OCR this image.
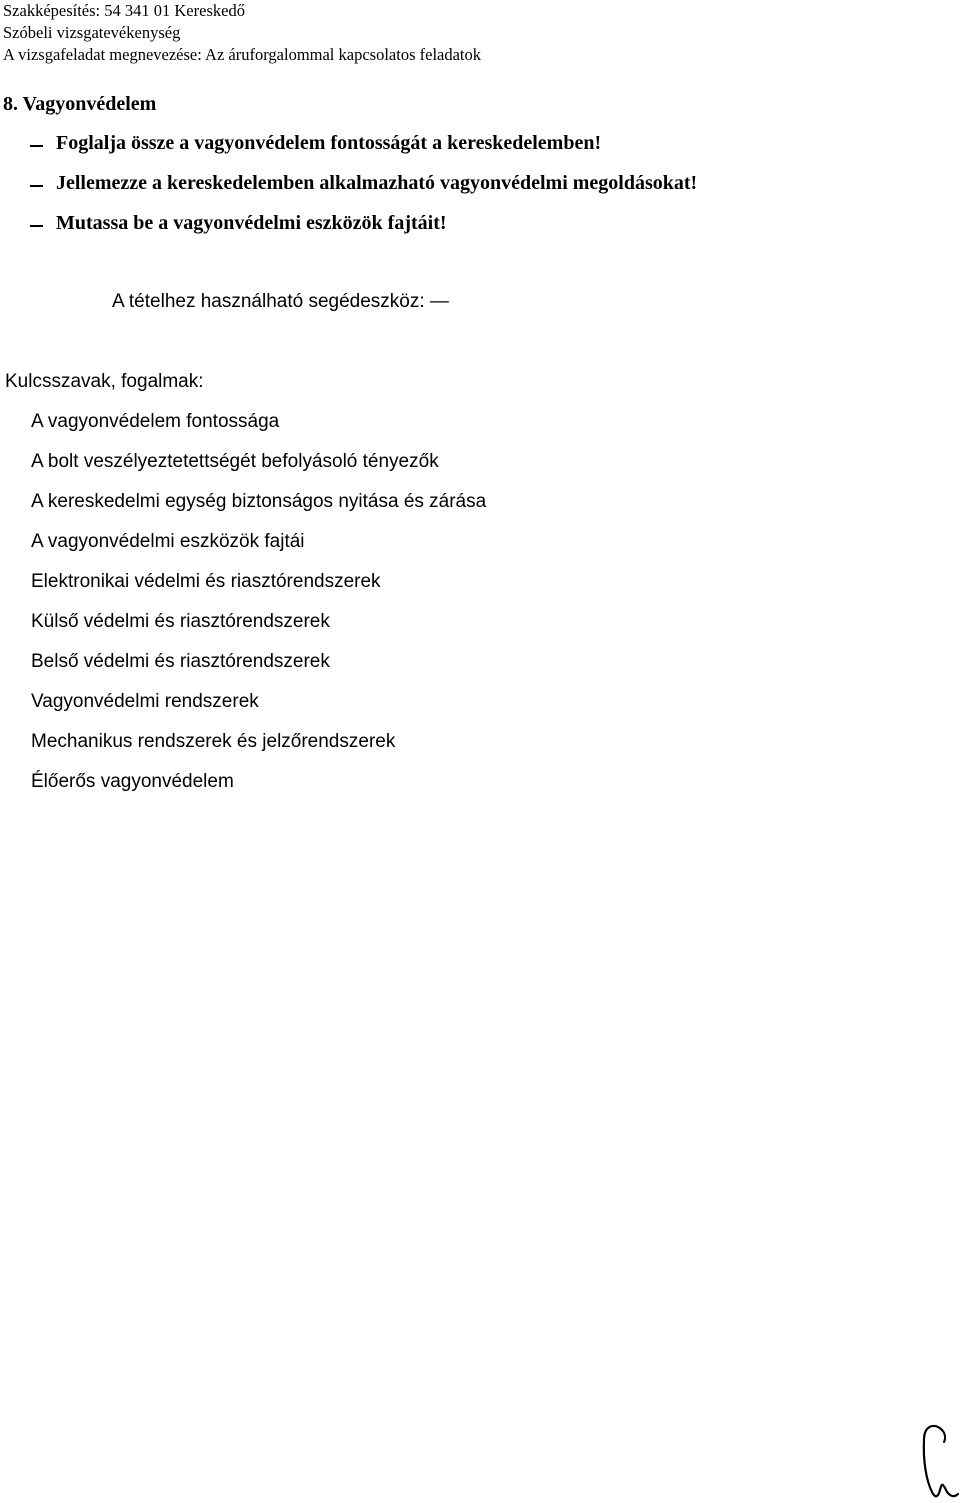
Szakképesítés: 54 341 01 Kereskedő
Szóbeli vizsgatevékenység
A vizsgafeladat megnevezése: Az áruforgalommal kapcsolatos feladatok
8. Vagyonvédelem
Foglalja össze a vagyonvédelem fontosságát a kereskedelemben!
Jellemezze a kereskedelemben alkalmazható vagyonvédelmi megoldásokat!
Mutassa be a vagyonvédelmi eszközök fajtáit!
A tételhez használható segédeszköz: —
Kulcsszavak, fogalmak:
A vagyonvédelem fontossága
A bolt veszélyeztetettségét befolyásoló tényezők
A kereskedelmi egység biztonságos nyitása és zárása
A vagyonvédelmi eszközök fajtái
Elektronikai védelmi és riasztórendszerek
Külső védelmi és riasztórendszerek
Belső védelmi és riasztórendszerek
Vagyonvédelmi rendszerek
Mechanikus rendszerek és jelzőrendszerek
Élőerős vagyonvédelem
